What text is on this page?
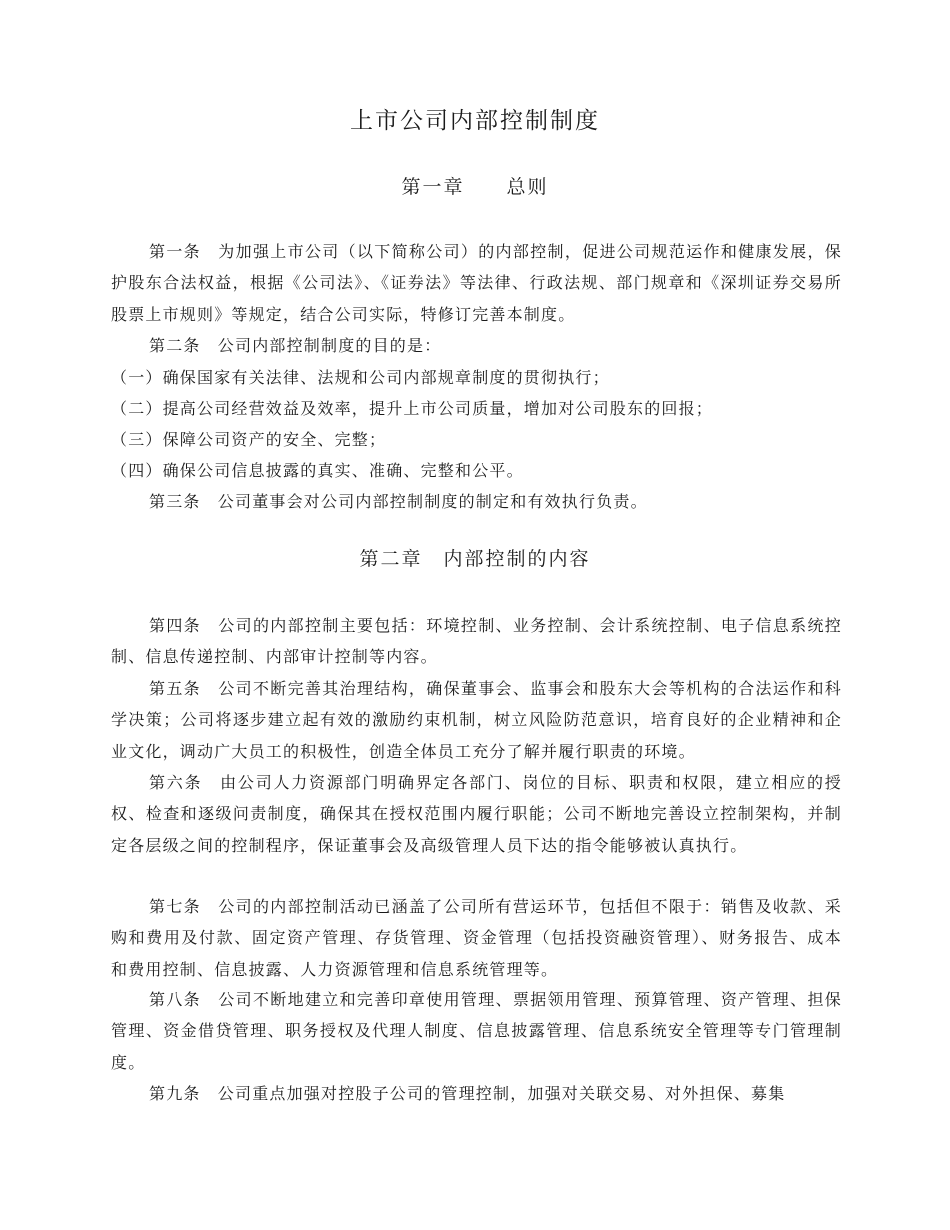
上市公司内部控制制度
第一章　　总则
第一条　为加强上市公司（以下简称公司）的内部控制，促进公司规范运作和健康发展，保护股东合法权益，根据《公司法》、《证券法》等法律、行政法规、部门规章和《深圳证券交易所股票上市规则》等规定，结合公司实际，特修订完善本制度。
第二条　公司内部控制制度的目的是：
（一）确保国家有关法律、法规和公司内部规章制度的贯彻执行；
（二）提高公司经营效益及效率，提升上市公司质量，增加对公司股东的回报；
（三）保障公司资产的安全、完整；
（四）确保公司信息披露的真实、准确、完整和公平。
第三条　公司董事会对公司内部控制制度的制定和有效执行负责。
第二章　内部控制的内容
第四条　公司的内部控制主要包括：环境控制、业务控制、会计系统控制、电子信息系统控制、信息传递控制、内部审计控制等内容。
第五条　公司不断完善其治理结构，确保董事会、监事会和股东大会等机构的合法运作和科学决策；公司将逐步建立起有效的激励约束机制，树立风险防范意识，培育良好的企业精神和企业文化，调动广大员工的积极性，创造全体员工充分了解并履行职责的环境。
第六条　由公司人力资源部门明确界定各部门、岗位的目标、职责和权限，建立相应的授权、检查和逐级问责制度，确保其在授权范围内履行职能；公司不断地完善设立控制架构，并制定各层级之间的控制程序，保证董事会及高级管理人员下达的指令能够被认真执行。
第七条　公司的内部控制活动已涵盖了公司所有营运环节，包括但不限于：销售及收款、采购和费用及付款、固定资产管理、存货管理、资金管理（包括投资融资管理）、财务报告、成本和费用控制、信息披露、人力资源管理和信息系统管理等。
第八条　公司不断地建立和完善印章使用管理、票据领用管理、预算管理、资产管理、担保管理、资金借贷管理、职务授权及代理人制度、信息披露管理、信息系统安全管理等专门管理制度。
第九条　公司重点加强对控股子公司的管理控制，加强对关联交易、对外担保、募集
